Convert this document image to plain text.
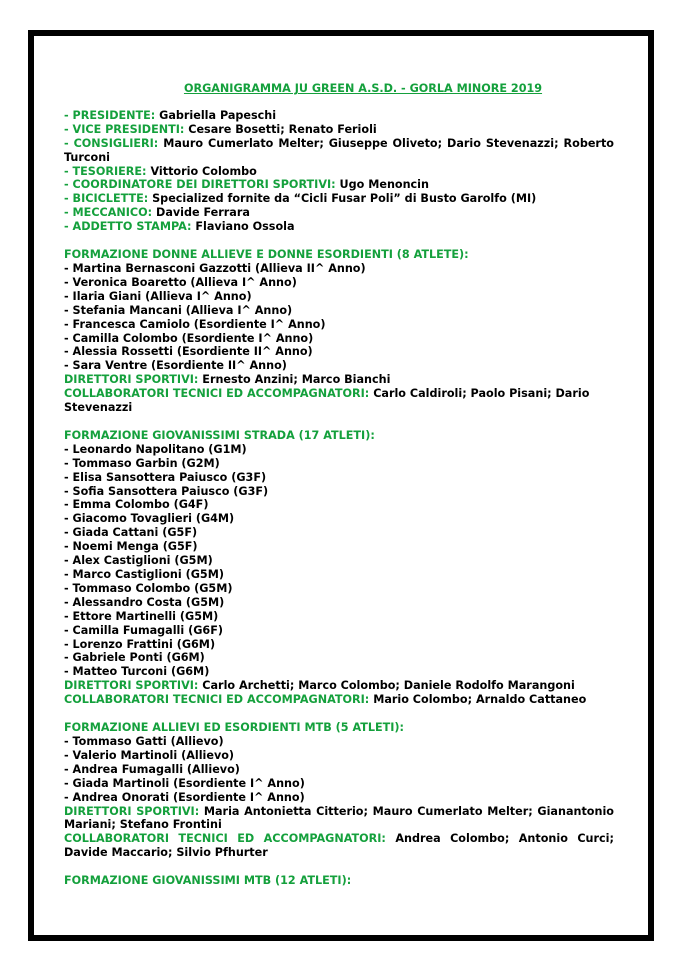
ORGANIGRAMMA JU GREEN A.S.D. - GORLA MINORE 2019
- PRESIDENTE: Gabriella Papeschi
- VICE PRESIDENTI: Cesare Bosetti; Renato Ferioli
- CONSIGLIERI: Mauro Cumerlato Melter; Giuseppe Oliveto; Dario Stevenazzi; Roberto Turconi
- TESORIERE: Vittorio Colombo
- COORDINATORE DEI DIRETTORI SPORTIVI: Ugo Menoncin
- BICICLETTE: Specialized fornite da “Cicli Fusar Poli” di Busto Garolfo (MI)
- MECCANICO: Davide Ferrara
- ADDETTO STAMPA: Flaviano Ossola
FORMAZIONE DONNE ALLIEVE E DONNE ESORDIENTI (8 ATLETE):
- Martina Bernasconi Gazzotti (Allieva II^ Anno)
- Veronica Boaretto (Allieva I^ Anno)
- Ilaria Giani (Allieva I^ Anno)
- Stefania Mancani (Allieva I^ Anno)
- Francesca Camiolo (Esordiente I^ Anno)
- Camilla Colombo (Esordiente I^ Anno)
- Alessia Rossetti (Esordiente II^ Anno)
- Sara Ventre (Esordiente II^ Anno)
DIRETTORI SPORTIVI: Ernesto Anzini; Marco Bianchi
COLLABORATORI TECNICI ED ACCOMPAGNATORI: Carlo Caldiroli; Paolo Pisani; Dario Stevenazzi
FORMAZIONE GIOVANISSIMI STRADA (17 ATLETI):
- Leonardo Napolitano (G1M)
- Tommaso Garbin (G2M)
- Elisa Sansottera Paiusco (G3F)
- Sofia Sansottera Paiusco (G3F)
- Emma Colombo (G4F)
- Giacomo Tovaglieri (G4M)
- Giada Cattani (G5F)
- Noemi Menga (G5F)
- Alex Castiglioni (G5M)
- Marco Castiglioni (G5M)
- Tommaso Colombo (G5M)
- Alessandro Costa (G5M)
- Ettore Martinelli (G5M)
- Camilla Fumagalli (G6F)
- Lorenzo Frattini (G6M)
- Gabriele Ponti (G6M)
- Matteo Turconi (G6M)
DIRETTORI SPORTIVI: Carlo Archetti; Marco Colombo; Daniele Rodolfo Marangoni
COLLABORATORI TECNICI ED ACCOMPAGNATORI: Mario Colombo; Arnaldo Cattaneo
FORMAZIONE ALLIEVI ED ESORDIENTI MTB (5 ATLETI):
- Tommaso Gatti (Allievo)
- Valerio Martinoli (Allievo)
- Andrea Fumagalli (Allievo)
- Giada Martinoli (Esordiente I^ Anno)
- Andrea Onorati (Esordiente I^ Anno)
DIRETTORI SPORTIVI: Maria Antonietta Citterio; Mauro Cumerlato Melter; Gianantonio Mariani; Stefano Frontini
COLLABORATORI TECNICI ED ACCOMPAGNATORI: Andrea Colombo; Antonio Curci; Davide Maccario; Silvio Pfhurter
FORMAZIONE GIOVANISSIMI MTB (12 ATLETI):
